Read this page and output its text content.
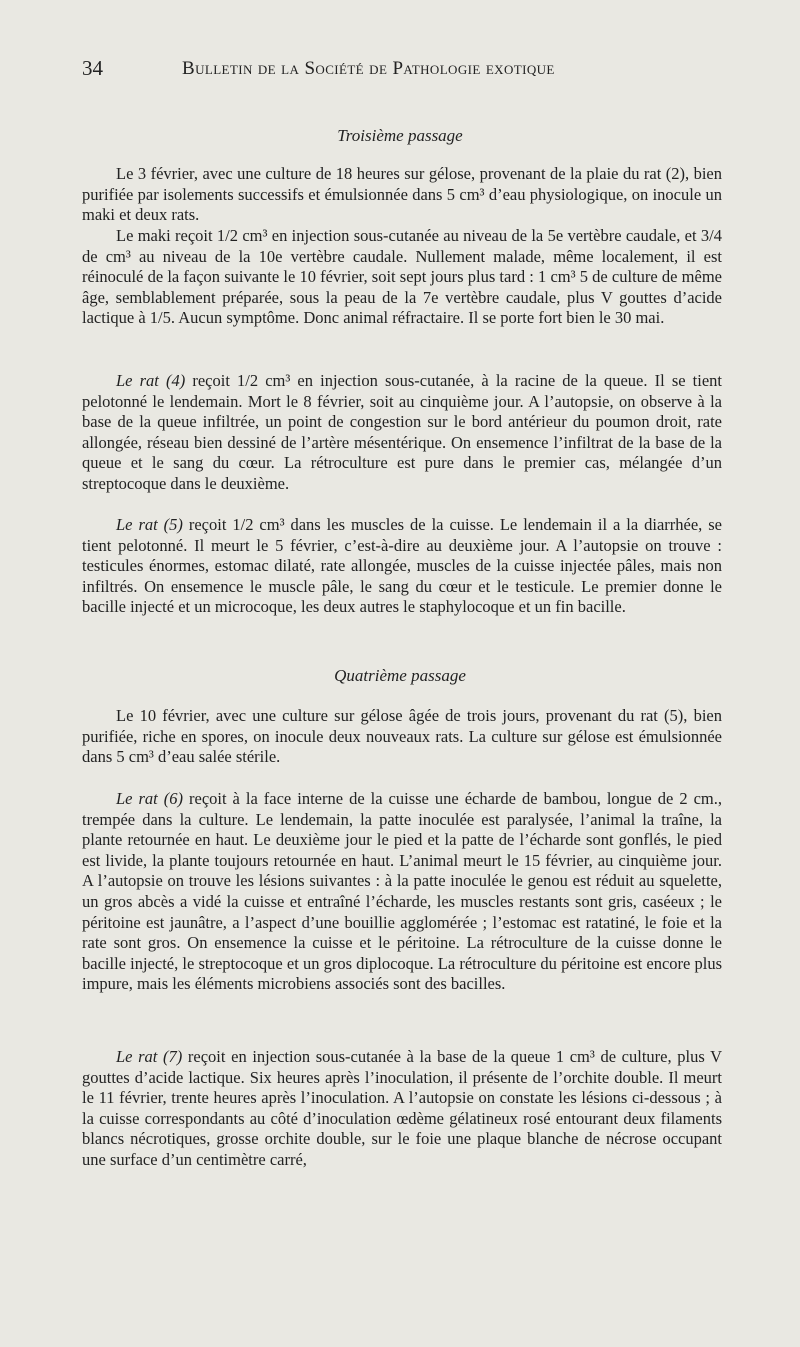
34	Bulletin de la Société de Pathologie exotique
Troisième passage

Le 3 février, avec une culture de 18 heures sur gélose, provenant de la plaie du rat (2), bien purifiée par isolements successifs et émulsionnée dans 5 cm³ d’eau physiologique, on inocule un maki et deux rats.

Le maki reçoit 1/2 cm³ en injection sous-cutanée au niveau de la 5e vertèbre caudale, et 3/4 de cm³ au niveau de la 10e vertèbre caudale. Nullement malade, même localement, il est réinoculé de la façon suivante le 10 février, soit sept jours plus tard : 1 cm³ 5 de culture de même âge, semblablement préparée, sous la peau de la 7e vertèbre caudale, plus V gouttes d’acide lactique à 1/5. Aucun symptôme. Donc animal réfractaire. Il se porte fort bien le 30 mai.

Le rat (4) reçoit 1/2 cm³ en injection sous-cutanée, à la racine de la queue. Il se tient pelotonné le lendemain. Mort le 8 février, soit au cinquième jour. A l’autopsie, on observe à la base de la queue infiltrée, un point de congestion sur le bord antérieur du poumon droit, rate allongée, réseau bien dessiné de l’artère mésentérique. On ensemence l’infiltrat de la base de la queue et le sang du cœur. La rétroculture est pure dans le premier cas, mélangée d’un streptocoque dans le deuxième.

Le rat (5) reçoit 1/2 cm³ dans les muscles de la cuisse. Le lendemain il a la diarrhée, se tient pelotonné. Il meurt le 5 février, c’est-à-dire au deuxième jour. A l’autopsie on trouve : testicules énormes, estomac dilaté, rate allongée, muscles de la cuisse injectée pâles, mais non infiltrés. On ensemence le muscle pâle, le sang du cœur et le testicule. Le premier donne le bacille injecté et un microcoque, les deux autres le staphylocoque et un fin bacille.

Quatrième passage

Le 10 février, avec une culture sur gélose âgée de trois jours, provenant du rat (5), bien purifiée, riche en spores, on inocule deux nouveaux rats. La culture sur gélose est émulsionnée dans 5 cm³ d’eau salée stérile.

Le rat (6) reçoit à la face interne de la cuisse une écharde de bambou, longue de 2 cm., trempée dans la culture. Le lendemain, la patte inoculée est paralysée, l’animal la traîne, la plante retournée en haut. Le deuxième jour le pied et la patte de l’écharde sont gonflés, le pied est livide, la plante toujours retournée en haut. L’animal meurt le 15 février, au cinquième jour. A l’autopsie on trouve les lésions suivantes : à la patte inoculée le genou est réduit au squelette, un gros abcès a vidé la cuisse et entraîné l’écharde, les muscles restants sont gris, caséeux ; le péritoine est jaunâtre, a l’aspect d’une bouillie agglomérée ; l’estomac est ratatiné, le foie et la rate sont gros. On ensemence la cuisse et le péritoine. La rétroculture de la cuisse donne le bacille injecté, le streptocoque et un gros diplocoque. La rétroculture du péritoine est encore plus impure, mais les éléments microbiens associés sont des bacilles.

Le rat (7) reçoit en injection sous-cutanée à la base de la queue 1 cm³ de culture, plus V gouttes d’acide lactique. Six heures après l’inoculation, il présente de l’orchite double. Il meurt le 11 février, trente heures après l’inoculation. A l’autopsie on constate les lésions ci-dessous ; à la cuisse correspondants au côté d’inoculation œdème gélatineux rosé entourant deux filaments blancs nécrotiques, grosse orchite double, sur le foie une plaque blanche de nécrose occupant une surface d’un centimètre carré,
